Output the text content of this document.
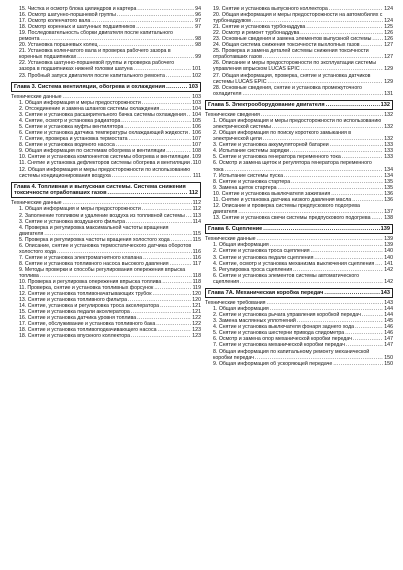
15. Чистка и осмотр блока цилиндров и картера .....	94
16. Осмотр шатунно-поршневой группы .....	96
17. Осмотр коленчатого вала .....	97
18. Осмотр коренных и шатунных подшипников .....	97
19. Последовательность сборки двигателя после капитального ремонта .....	98
20. Установка поршневых колец .....	98
21. Установка коленчатого вала и проверка рабочего зазора в коренных подшипниках .....	99
22. Установка шатунно-поршневой группы и проверка рабочего зазора в подшипниках нижней головки шатуна .....	101
23. Пробный запуск двигателя после капитального ремонта .....	102
Глава 3. Система вентиляции, обогрева и охлаждения .....	103
Технические данные .....	103
1. Общая информация и меры предосторожности .....	103
2. Отсоединение и замена шлангов системы охлаждения .....	104
3. Снятие и установка расширительного бачка системы охлаждения .....	104
4. Снятие, осмотр и установка радиатора .....	105
5. Снятие и установка муфты вентилятора .....	106
6. Снятие и установка датчика температуры охлаждающей жидкости ..... 106
7. Снятие, проверка и установка термостата .....	107
8. Снятие и установка водяного насоса .....	107
9. Общая информация по системам обогрева и вентиляции .....	108
10. Снятие и установка компонентов системы обогрева и вентиляции ..... 109
11. Снятие и установка дефлекторов системы обогрева и вентиляции ..... 110
12. Общая информация и меры предосторожности по использованию системы кондиционирования воздуха .....	111
Глава 4. Топливная и выпускная системы. Система снижения токсичности отработавших газов .....	112
Технические данные .....	112
1. Общая информация и меры предосторожности .....	112
2. Заполнение топливом и удаление воздуха из топливной системы .....	113
3. Снятие и установка воздушного фильтра .....	114
4. Проверка и регулировка максимальной частоты вращения двигателя .....	115
5. Проверка и регулировка частоты вращения холостого хода .....	115
6. Описание, снятие и установка термостатического датчика оборотов холостого хода .....	116
7. Снятие и установка электромагнитного клапана .....	116
8. Снятие и установка топливного насоса высокого давления .....	117
9. Методы проверки и способы регулирования опережения впрыска топлива .....	118
10. Проверка и регулировка опережения впрыска топлива .....	118
11. Проверка, снятие и установка топливных форсунок .....	119
12. Снятие и установка топливоначатывающих трубок .....	120
13. Снятие и установка топливного фильтра .....	120
14. Снятие, установка и регулировка троса акселератора .....	121
15. Снятие и установка педали акселератора .....	121
16. Снятие и установка датчика уровня топлива .....	122
17. Снятие, обслуживание и установка топливного бака .....	122
18. Снятие и установка топливоподкачивающего насоса .....	123
18. Снятие и установка впускного коллектора .....	123
19. Снятие и установка выпускного коллектора .....	124
20. Общая информация и меры предосторожности на автомобилях с турбонаддувом .....	124
21. Снятие и установка турбонаддува .....	125
22. Осмотр и ремонт турбонаддува .....	126
23. Основные сведения и замена элементов выпускной системы .....	126
24. Общая система снижения токсичности выхлопных газов .....	127
25. Проверка и замена деталей системы снижения токсичности отработавших газов .....	127
26. Описание и меры предосторожности по эксплуатации системы управления впрыском LUCAS EPIC .....	129
27. Общая информация, проверка, снятие и установка датчиков системы LUCAS EPIC .....	129
28. Основные сведения, снятие и установка промежуточного охладителя .....	131
Глава 5. Электрооборудование двигателя .....	132
Технические сведения .....	132
1. Общая информация и меры предосторожности по использованию электрической системы .....	132
2. Общая информация по поиску короткого замыкания в электрической цепи .....	132
3. Снятие и установка аккумуляторной батареи .....	133
4. Испытание системы зарядки .....	133
5. Снятие и установка генератора переменного тока .....	133
6. Осмотр и замена щеток и регулятора генератора переменного тока .....	134
7. Испытание системы пуска .....	134
8. Снятие и установка стартера .....	135
9. Замена щеток стартера .....	135
10. Снятие и установка выключателя зажигания .....	136
11. Снятие и установка датчика низкого давления масла .....	136
12. Описание и проверка системы предпускового подогрева двигателя .....	137
13. Снятие и установка свечи системы предпускового подогрева .....	138
Глава 6. Сцепление .....	139
Технические данные .....	139
1. Общая информация .....	139
2. Снятие и установка троса сцепления .....	140
3. Снятие и установка педали сцепления .....	140
4. Снятие, осмотр и установка механизма выключения сцепления .....	141
5. Регулировка троса сцепления .....	142
6. Снятие и установка элементов системы автоматического сцепления .....	142
Глава 7А. Механическая коробка передач .....	143
Технические требования .....	143
1. Общая информация .....	144
2. Снятие и установка рычага управления коробкой передач .....	144
3. Замена маслянных уплотнений .....	145
4. Снятие и установка выключателя фонаря заднего хода .....	146
5. Снятие и установка шестерни привода спидометра .....	146
6. Осмотр и замена опор механической коробки передач .....	147
7. Снятие и установка механической коробки передач .....	147
8. Общая информация по капитальному ремонту механической коробки передач .....	150
9. Общая информация об ускоряющей передаче .....	150
